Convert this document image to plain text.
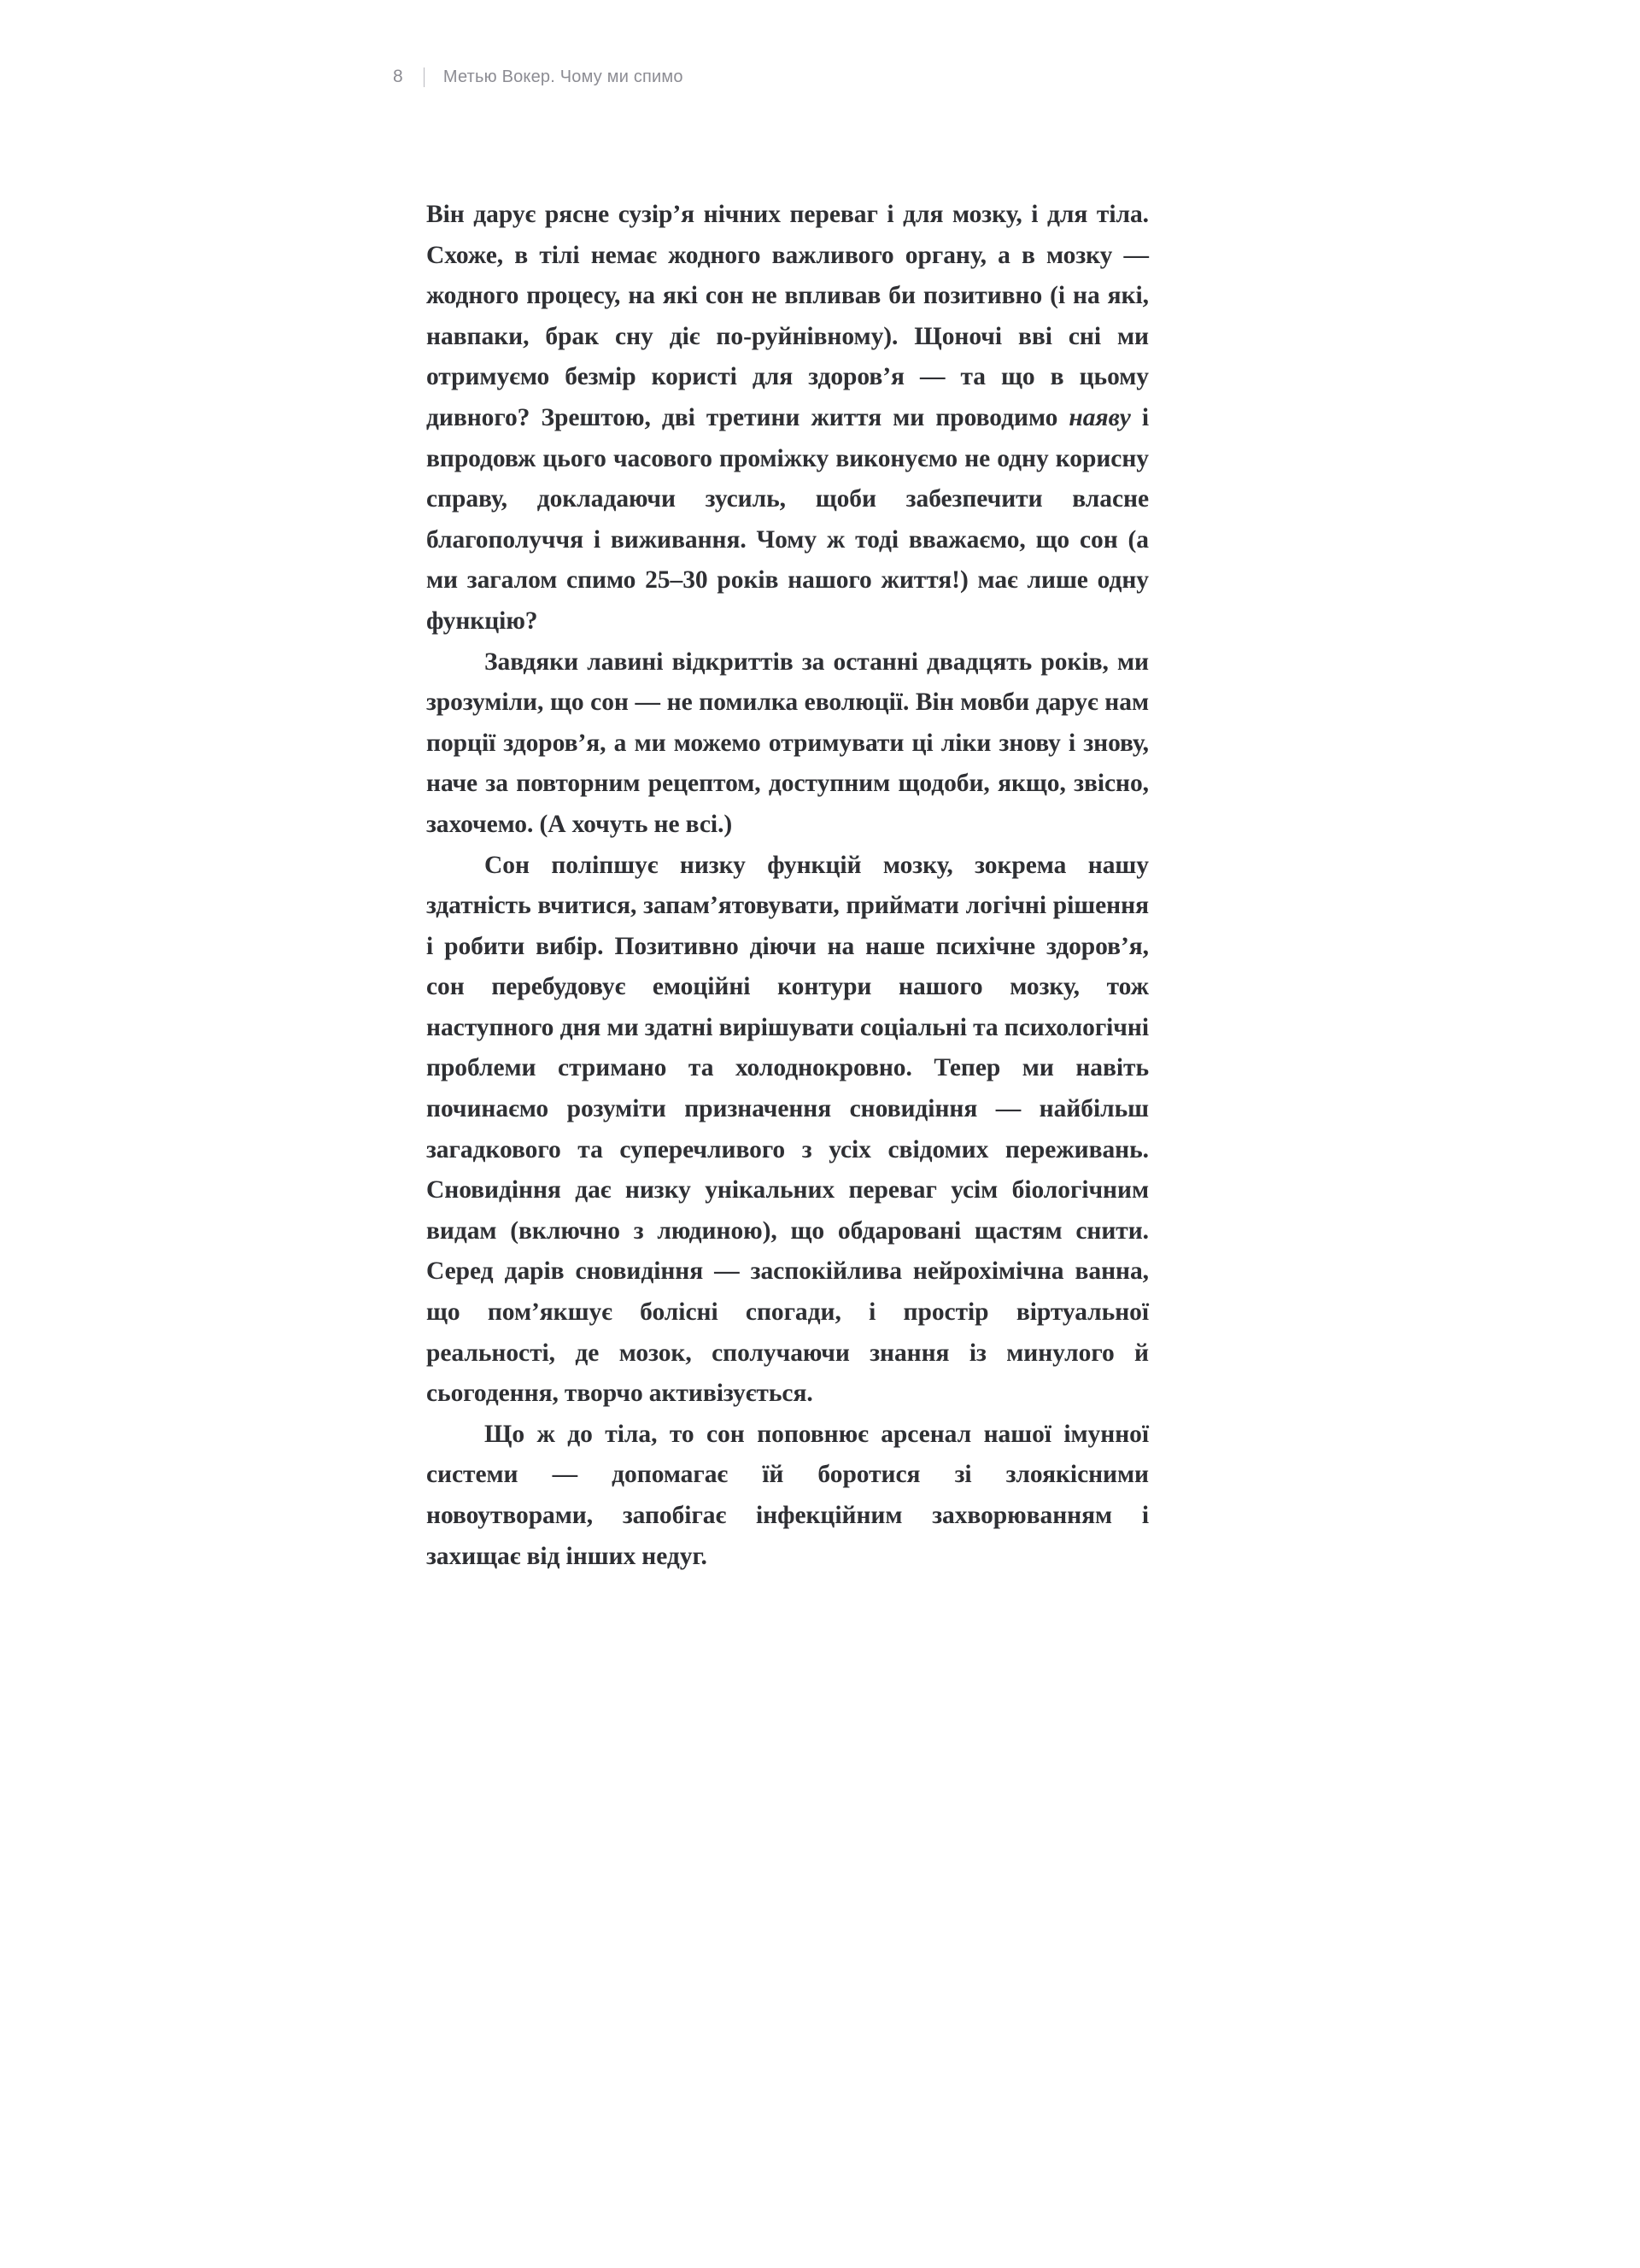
8 Метью Вокер. Чому ми спимо

Він дарує рясне сузір’я нічних переваг і для мозку, і для тіла. Схоже, в тілі немає жодного важливого органу, а в мозку — жодного процесу, на які сон не впливав би позитивно (і на які, навпаки, брак сну діє по-руйнівному). Щоночі вві сні ми отримуємо безмір користі для здоров’я — та що в цьому дивного? Зрештою, дві третини життя ми проводимо наяву і впродовж цього часового проміжку виконуємо не одну корисну справу, докладаючи зусиль, щоби забезпечити власне благополуччя і виживання. Чому ж тоді вважаємо, що сон (а ми загалом спимо 25–30 років нашого життя!) має лише одну функцію?

Завдяки лавині відкриттів за останні двадцять років, ми зрозуміли, що сон — не помилка еволюції. Він мовби дарує нам порції здоров’я, а ми можемо отримувати ці ліки знову і знову, наче за повторним рецептом, доступним щодоби, якщо, звісно, захочемо. (А хочуть не всі.)

Сон поліпшує низку функцій мозку, зокрема нашу здатність вчитися, запам’ятовувати, приймати логічні рішення і робити вибір. Позитивно діючи на наше психічне здоров’я, сон перебудовує емоційні контури нашого мозку, тож наступного дня ми здатні вирішувати соціальні та психологічні проблеми стримано та холоднокровно. Тепер ми навіть починаємо розуміти призначення сновидіння — найбільш загадкового та суперечливого з усіх свідомих переживань. Сновидіння дає низку унікальних переваг усім біологічним видам (включно з людиною), що обдаровані щастям снити. Серед дарів сновидіння — заспокійлива нейрохімічна ванна, що пом’якшує болісні спогади, і простір віртуальної реальності, де мозок, сполучаючи знання із минулого й сьогодення, творчо активізується.

Що ж до тіла, то сон поповнює арсенал нашої імунної системи — допомагає їй боротися зі злоякісними новоутворами, запобігає інфекційним захворюванням і захищає від інших недуг.
